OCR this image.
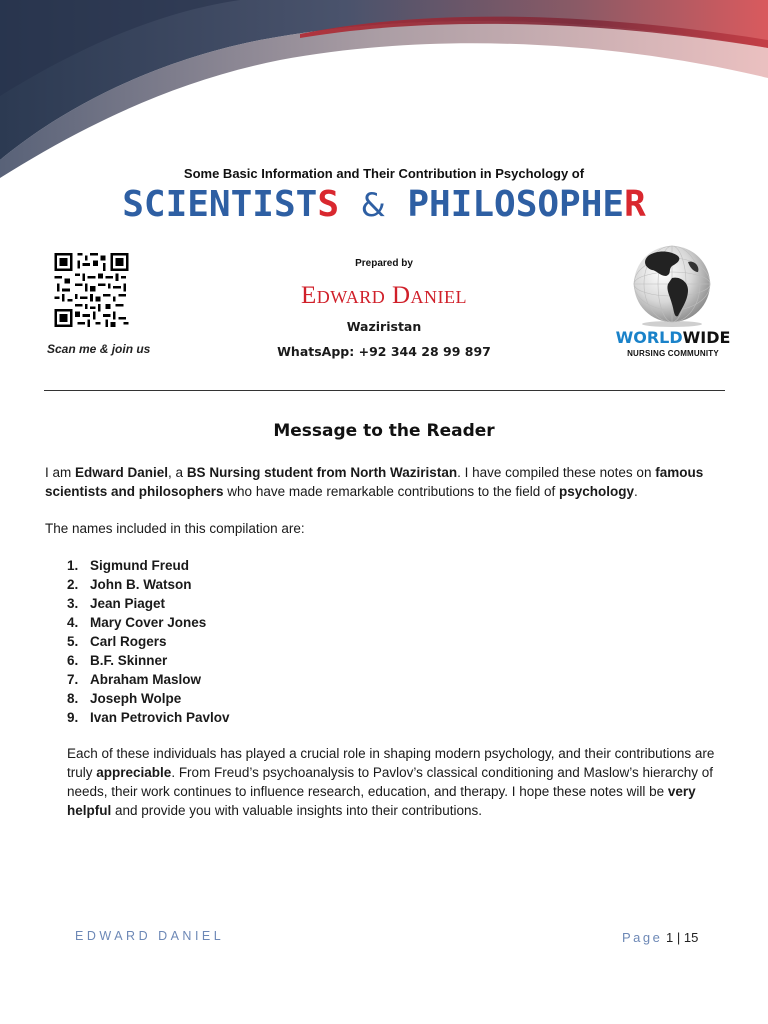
Some Basic Information and Their Contribution in Psychology of
SCIENTISTS & PHILOSOPHER
Scan me & join us
Prepared by
Edward Daniel
Waziristan
WhatsApp: +92 344 28 99 897
WORLDWIDE
NURSING COMMUNITY
Message to the Reader
I am Edward Daniel, a BS Nursing student from North Waziristan. I have compiled these notes on famous scientists and philosophers who have made remarkable contributions to the field of psychology.
The names included in this compilation are:
1. Sigmund Freud
2. John B. Watson
3. Jean Piaget
4. Mary Cover Jones
5. Carl Rogers
6. B.F. Skinner
7. Abraham Maslow
8. Joseph Wolpe
9. Ivan Petrovich Pavlov
Each of these individuals has played a crucial role in shaping modern psychology, and their contributions are truly appreciable. From Freud’s psychoanalysis to Pavlov’s classical conditioning and Maslow’s hierarchy of needs, their work continues to influence research, education, and therapy. I hope these notes will be very helpful and provide you with valuable insights into their contributions.
EDWARD DANIEL	Page 1 | 15
